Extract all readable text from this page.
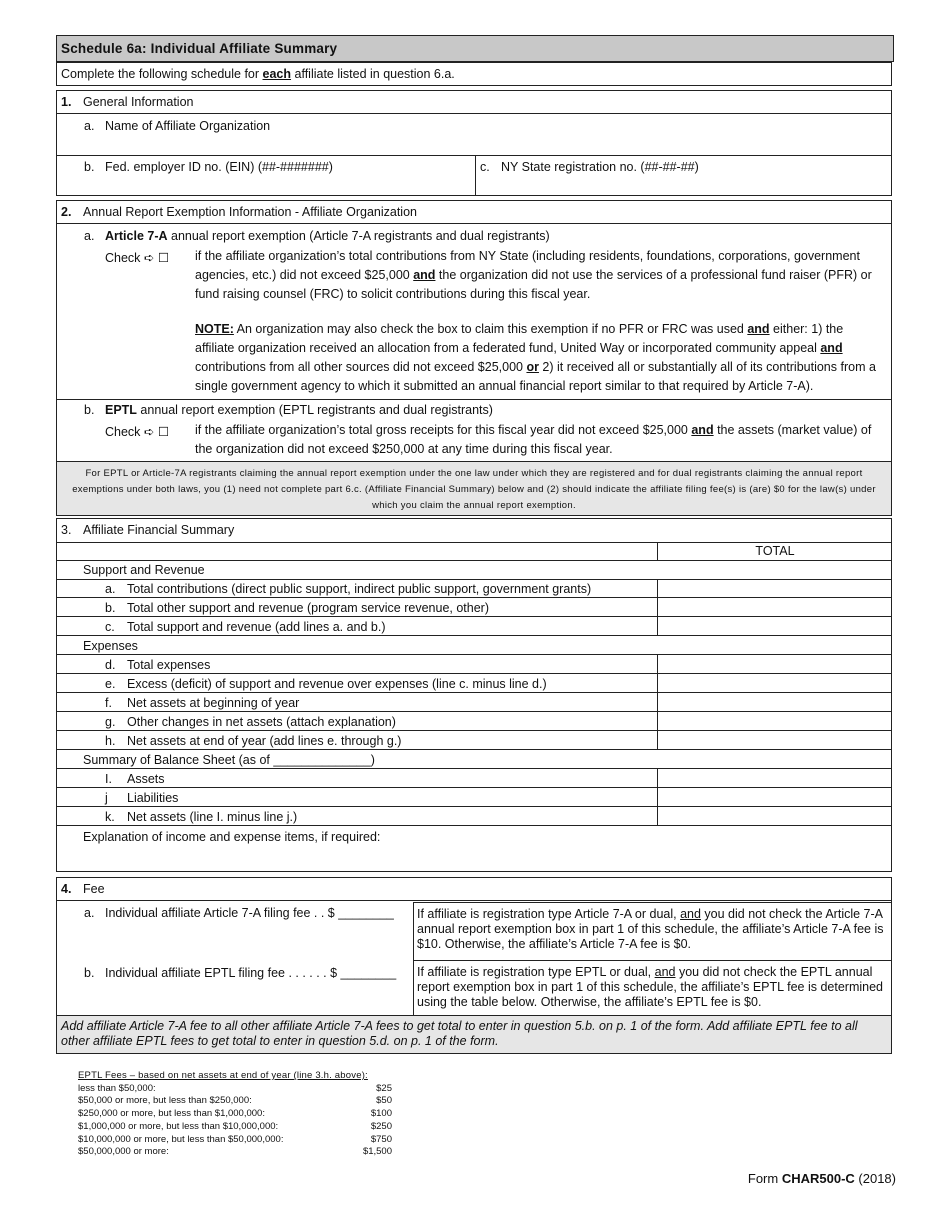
Schedule 6a: Individual Affiliate Summary
Complete the following schedule for each affiliate listed in question 6.a.
1. General Information
a. Name of Affiliate Organization
b. Fed. employer ID no. (EIN) (##-#######)	c. NY State registration no. (##-##-##)
2. Annual Report Exemption Information - Affiliate Organization
a. Article 7-A annual report exemption (Article 7-A registrants and dual registrants)
Check ➪ ☐ if the affiliate organization’s total contributions from NY State (including residents, foundations, corporations, government agencies, etc.) did not exceed $25,000 and the organization did not use the services of a professional fund raiser (PFR) or fund raising counsel (FRC) to solicit contributions during this fiscal year.
NOTE: An organization may also check the box to claim this exemption if no PFR or FRC was used and either: 1) the affiliate organization received an allocation from a federated fund, United Way or incorporated community appeal and contributions from all other sources did not exceed $25,000 or 2) it received all or substantially all of its contributions from a single government agency to which it submitted an annual financial report similar to that required by Article 7-A).
b. EPTL annual report exemption (EPTL registrants and dual registrants)
Check ➪ ☐ if the affiliate organization’s total gross receipts for this fiscal year did not exceed $25,000 and the assets (market value) of the organization did not exceed $250,000 at any time during this fiscal year.
For EPTL or Article-7A registrants claiming the annual report exemption under the one law under which they are registered and for dual registrants claiming the annual report exemptions under both laws, you (1) need not complete part 6.c. (Affiliate Financial Summary) below and (2) should indicate the affiliate filing fee(s) is (are) $0 for the law(s) under which you claim the annual report exemption.
3. Affiliate Financial Summary
TOTAL
Support and Revenue
a. Total contributions (direct public support, indirect public support, government grants)
b. Total other support and revenue (program service revenue, other)
c. Total support and revenue (add lines a. and b.)
Expenses
d. Total expenses
e. Excess (deficit) of support and revenue over expenses (line c. minus line d.)
f. Net assets at beginning of year
g. Other changes in net assets (attach explanation)
h. Net assets at end of year (add lines e. through g.)
Summary of Balance Sheet (as of ______________)
I. Assets
j Liabilities
k. Net assets (line I. minus line j.)
Explanation of income and expense items, if required:
4. Fee
a. Individual affiliate Article 7-A filing fee . . $ ________
b. Individual affiliate EPTL filing fee . . . . . . $ ________
If affiliate is registration type Article 7-A or dual, and you did not check the Article 7-A annual report exemption box in part 1 of this schedule, the affiliate’s Article 7-A fee is $10. Otherwise, the affiliate’s Article 7-A fee is $0.
If affiliate is registration type EPTL or dual, and you did not check the EPTL annual report exemption box in part 1 of this schedule, the affiliate’s EPTL fee is determined using the table below. Otherwise, the affiliate’s EPTL fee is $0.
Add affiliate Article 7-A fee to all other affiliate Article 7-A fees to get total to enter in question 5.b. on p. 1 of the form. Add affiliate EPTL fee to all other affiliate EPTL fees to get total to enter in question 5.d. on p. 1 of the form.
EPTL Fees – based on net assets at end of year (line 3.h. above):
less than $50,000:	$25
$50,000 or more, but less than $250,000:	$50
$250,000 or more, but less than $1,000,000:	$100
$1,000,000 or more, but less than $10,000,000:	$250
$10,000,000 or more, but less than $50,000,000:	$750
$50,000,000 or more:	$1,500
Form CHAR500-C (2018)
